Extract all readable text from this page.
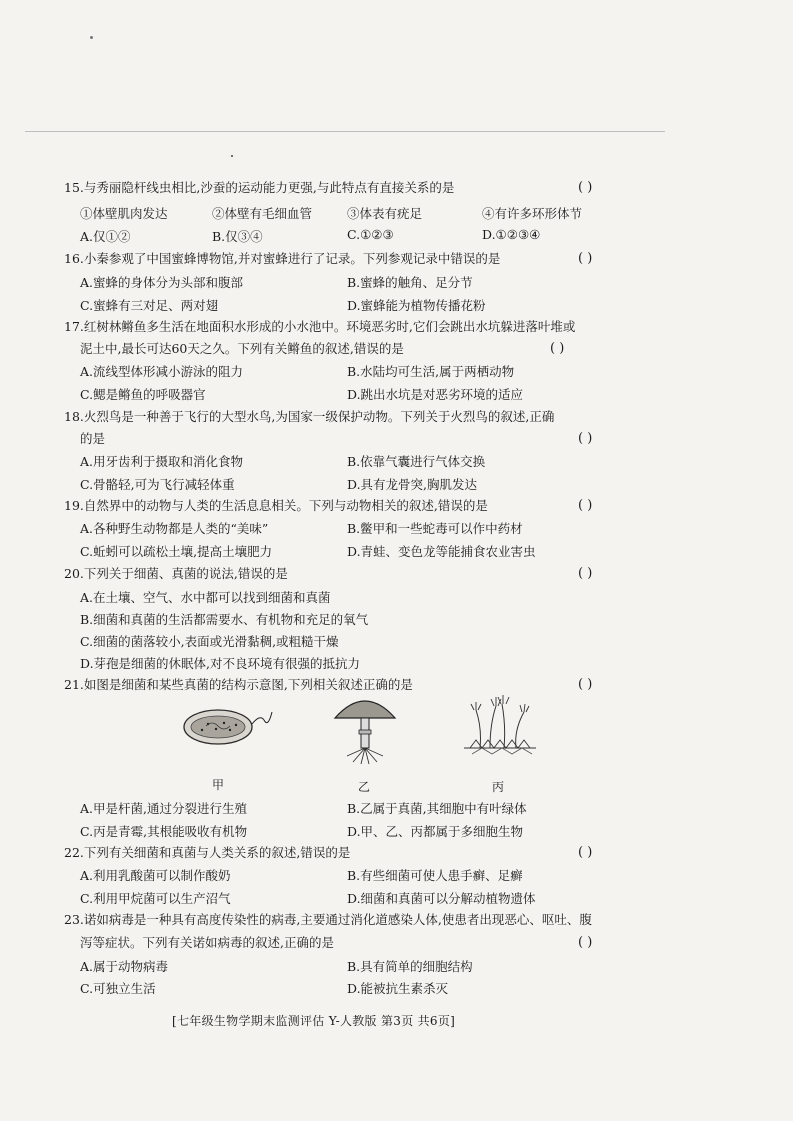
15.与秀丽隐杆线虫相比,沙蚕的运动能力更强,与此特点有直接关系的是	( )
①体壁肌肉发达	②体壁有毛细血管	③体表有疣足	④有许多环形体节
A.仅①②	B.仅③④	C.①②③	D.①②③④
16.小秦参观了中国蜜蜂博物馆,并对蜜蜂进行了记录。下列参观记录中错误的是	( )
A.蜜蜂的身体分为头部和腹部	B.蜜蜂的触角、足分节
C.蜜蜂有三对足、两对翅	D.蜜蜂能为植物传播花粉
17.红树林鳉鱼多生活在地面积水形成的小水池中。环境恶劣时,它们会跳出水坑躲进落叶堆或
泥土中,最长可达60天之久。下列有关鳉鱼的叙述,错误的是	( )
A.流线型体形减小游泳的阻力	B.水陆均可生活,属于两栖动物
C.鳃是鳉鱼的呼吸器官	D.跳出水坑是对恶劣环境的适应
18.火烈鸟是一种善于飞行的大型水鸟,为国家一级保护动物。下列关于火烈鸟的叙述,正确
的是	( )
A.用牙齿利于摄取和消化食物	B.依靠气囊进行气体交换
C.骨骼轻,可为飞行减轻体重	D.具有龙骨突,胸肌发达
19.自然界中的动物与人类的生活息息相关。下列与动物相关的叙述,错误的是	( )
A.各种野生动物都是人类的“美味”	B.鳖甲和一些蛇毒可以作中药材
C.蚯蚓可以疏松土壤,提高土壤肥力	D.青蛙、变色龙等能捕食农业害虫
20.下列关于细菌、真菌的说法,错误的是	( )
A.在土壤、空气、水中都可以找到细菌和真菌
B.细菌和真菌的生活都需要水、有机物和充足的氧气
C.细菌的菌落较小,表面或光滑黏稠,或粗糙干燥
D.芽孢是细菌的休眠体,对不良环境有很强的抵抗力
21.如图是细菌和某些真菌的结构示意图,下列相关叙述正确的是	( )
甲	乙	丙
A.甲是杆菌,通过分裂进行生殖	B.乙属于真菌,其细胞中有叶绿体
C.丙是青霉,其根能吸收有机物	D.甲、乙、丙都属于多细胞生物
22.下列有关细菌和真菌与人类关系的叙述,错误的是	( )
A.利用乳酸菌可以制作酸奶	B.有些细菌可使人患手癣、足癣
C.利用甲烷菌可以生产沼气	D.细菌和真菌可以分解动植物遗体
23.诺如病毒是一种具有高度传染性的病毒,主要通过消化道感染人体,使患者出现恶心、呕吐、腹
泻等症状。下列有关诺如病毒的叙述,正确的是	( )
A.属于动物病毒	B.具有简单的细胞结构
C.可独立生活	D.能被抗生素杀灭
[七年级生物学期末监测评估 Y-人教版 第3页 共6页]
